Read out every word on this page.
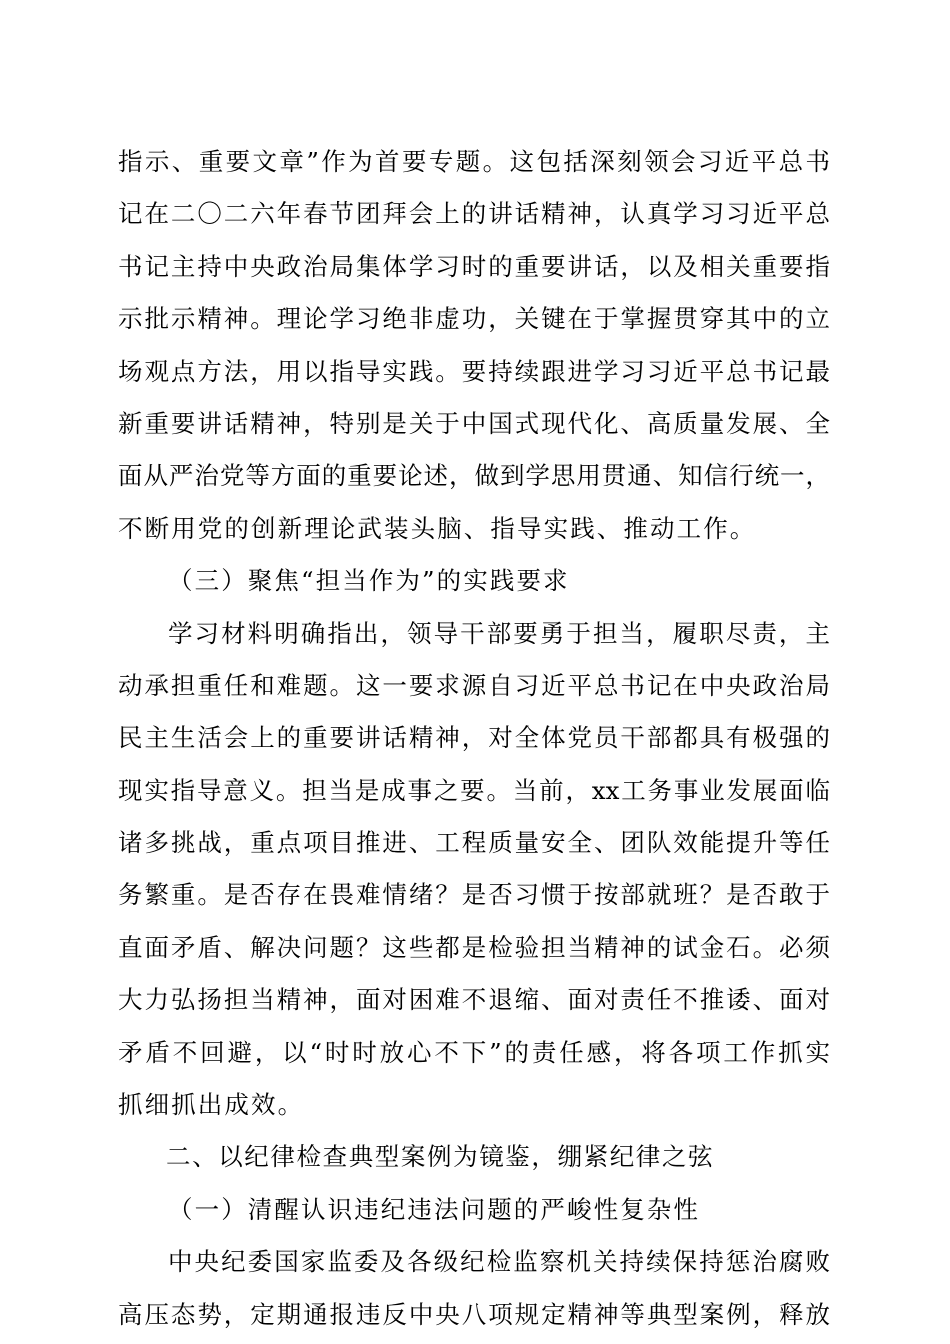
指示、重要文章”作为首要专题。这包括深刻领会习近平总书
记在二〇二六年春节团拜会上的讲话精神，认真学习习近平总
书记主持中央政治局集体学习时的重要讲话，以及相关重要指
示批示精神。理论学习绝非虚功，关键在于掌握贯穿其中的立
场观点方法，用以指导实践。要持续跟进学习习近平总书记最
新重要讲话精神，特别是关于中国式现代化、高质量发展、全
面从严治党等方面的重要论述，做到学思用贯通、知信行统一，
不断用党的创新理论武装头脑、指导实践、推动工作。
（三）聚焦“担当作为”的实践要求
学习材料明确指出，领导干部要勇于担当，履职尽责，主
动承担重任和难题。这一要求源自习近平总书记在中央政治局
民主生活会上的重要讲话精神，对全体党员干部都具有极强的
现实指导意义。担当是成事之要。当前，xx工务事业发展面临
诸多挑战，重点项目推进、工程质量安全、团队效能提升等任
务繁重。是否存在畏难情绪？是否习惯于按部就班？是否敢于
直面矛盾、解决问题？这些都是检验担当精神的试金石。必须
大力弘扬担当精神，面对困难不退缩、面对责任不推诿、面对
矛盾不回避，以“时时放心不下”的责任感，将各项工作抓实
抓细抓出成效。
二、以纪律检查典型案例为镜鉴，绷紧纪律之弦
（一）清醒认识违纪违法问题的严峻性复杂性
中央纪委国家监委及各级纪检监察机关持续保持惩治腐败
高压态势，定期通报违反中央八项规定精神等典型案例，释放
